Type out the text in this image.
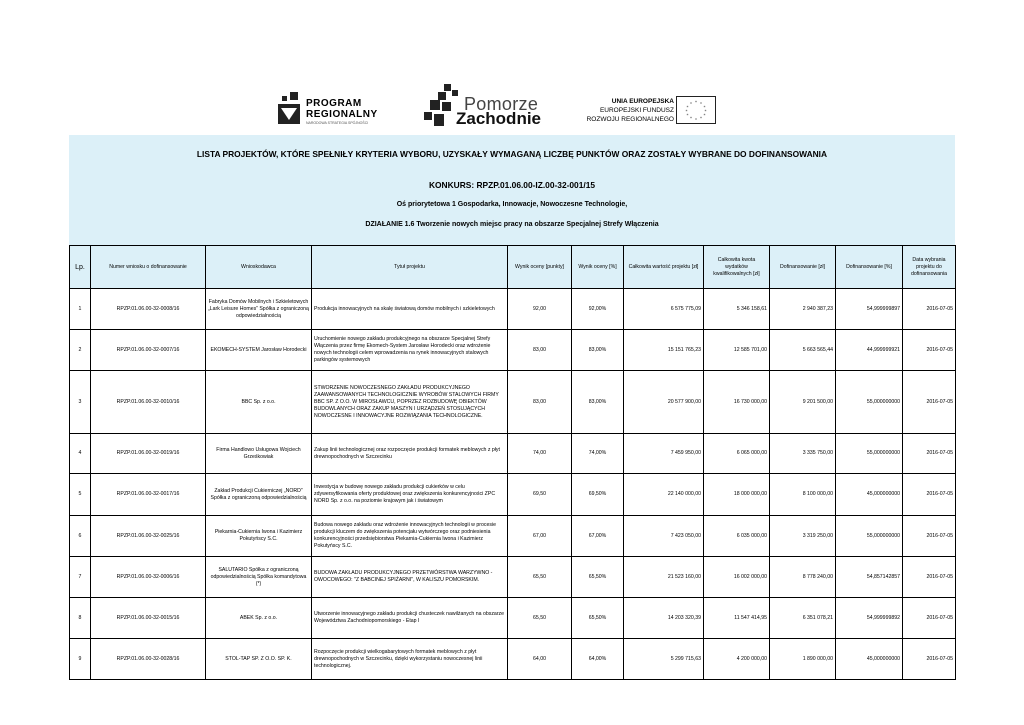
PROGRAM
REGIONALNY
NARODOWA STRATEGIA SPÓJNOŚCI
Pomorze
Zachodnie
UNIA EUROPEJSKA
EUROPEJSKI FUNDUSZ
ROZWOJU REGIONALNEGO
* *
*
*
*
*
*
*
*
*
*
*
LISTA PROJEKTÓW, KTÓRE SPEŁNIŁY KRYTERIA WYBORU, UZYSKAŁY WYMAGANĄ LICZBĘ PUNKTÓW ORAZ ZOSTAŁY WYBRANE DO DOFINANSOWANIA
KONKURS: RPZP.01.06.00-IZ.00-32-001/15
Oś priorytetowa 1 Gospodarka, Innowacje, Nowoczesne Technologie,
DZIAŁANIE 1.6 Tworzenie nowych miejsc pracy na obszarze Specjalnej Strefy Włączenia
Lp.	Numer wniosku o dofinansowanie	Wnioskodawca	Tytuł projektu	Wynik oceny [punkty]	Wynik oceny [%]	Całkowita wartość projektu [zł]	Całkowita kwota wydatków kwalifikowalnych [zł]	Dofinansowanie [zł]	Dofinansowanie [%]	Data wybrania projektu do dofinansowania
1	RPZP.01.06.00-32-0008/16	Fabryka Domów Mobilnych i Szkieletowych „Lark Leisure Homes” Spółka z ograniczoną odpowiedzialnością	Produkcja innowacyjnych na skalę światową domów mobilnych i szkieletowych	92,00	92,00%	6 575 775,09	5 346 158,61	2 940 387,23	54,999999897	2016-07-05
2	RPZP.01.06.00-32-0007/16	EKOMECH-SYSTEM Jarosław Horodecki	Uruchomienie nowego zakładu produkcyjnego na obszarze Specjalnej Strefy Włączenia przez firmę Ekomech-System Jarosław Horodecki oraz wdrożenie nowych technologii celem wprowadzenia na rynek innowacyjnych stalowych parkingów systemowych	83,00	83,00%	15 151 765,23	12 585 701,00	5 663 565,44	44,999999921	2016-07-05
3	RPZP.01.06.00-32-0010/16	BBC Sp. z o.o.	STWORZENIE NOWOCZESNEGO ZAKŁADU PRODUKCYJNEGO ZAAWANSOWANYCH TECHNOLOGICZNIE WYROBÓW STALOWYCH FIRMY BBC SP. Z O.O. W MIROSŁAWCU, POPRZEZ ROZBUDOWĘ OBIEKTÓW BUDOWLANYCH ORAZ ZAKUP MASZYN I URZĄDZEŃ STOSUJĄCYCH NOWOCZESNE I INNOWACYJNE ROZWIĄZANIA TECHNOLOGICZNE.	83,00	83,00%	20 577 900,00	16 730 000,00	9 201 500,00	55,000000000	2016-07-05
4	RPZP.01.06.00-32-0019/16	Firma Handlowo Usługowa Wojciech Grześkowiak	Zakup linii technologicznej oraz rozpoczęcie produkcji formatek meblowych z płyt drewnopochodnych w Szczecinku	74,00	74,00%	7 459 950,00	6 065 000,00	3 335 750,00	55,000000000	2016-07-05
5	RPZP.01.06.00-32-0017/16	Zakład Produkcji Cukierniczej „NORD” Spółka z ograniczoną odpowiedzialnością	Inwestycja w budowę nowego zakładu produkcji cukierków w celu zdywersyfikowania oferty produktowej oraz zwiększenia konkurencyjności ZPC NORD Sp. z o.o. na poziomie krajowym jak i światowym	69,50	69,50%	22 140 000,00	18 000 000,00	8 100 000,00	45,000000000	2016-07-05
6	RPZP.01.06.00-32-0025/16	Piekarnia-Cukiernia Iwona i Kazimierz Pokutyńscy S.C.	Budowa nowego zakładu oraz wdrożenie innowacyjnych technologii w procesie produkcji kluczem do zwiększenia potencjału wytwórczego oraz podniesienia konkurencyjności przedsiębiorstwa Piekarnia-Cukiernia Iwona i Kazimierz Pokutyńscy S.C.	67,00	67,00%	7 423 050,00	6 035 000,00	3 319 250,00	55,000000000	2016-07-05
7	RPZP.01.06.00-32-0006/16	SALUTARIO Spółka z ograniczoną odpowiedzialnością Spółka komandytowa (*)	BUDOWA ZAKŁADU PRODUKCYJNEGO PRZETWÓRSTWA WARZYWNO - OWOCOWEGO: "Z BABCINEJ SPIŻARNI", W KALISZU POMORSKIM.	65,50	65,50%	21 523 160,00	16 002 000,00	8 778 240,00	54,857142857	2016-07-05
8	RPZP.01.06.00-32-0015/16	ABEK Sp. z o.o.	Utworzenie innowacyjnego zakładu produkcji chusteczek nawilżanych na obszarze Województwa Zachodniopomorskiego - Etap I	65,50	65,50%	14 203 320,39	11 547 414,95	6 351 078,21	54,999999892	2016-07-05
9	RPZP.01.06.00-32-0028/16	STOL-TAP SP. Z O.O. SP. K.	Rozpoczęcie produkcji wielkogabarytowych formatek meblowych z płyt drewnopochodnych w Szczecinku, dzięki wykorzystaniu nowoczesnej linii technologicznej.	64,00	64,00%	5 299 715,63	4 200 000,00	1 890 000,00	45,000000000	2016-07-05
